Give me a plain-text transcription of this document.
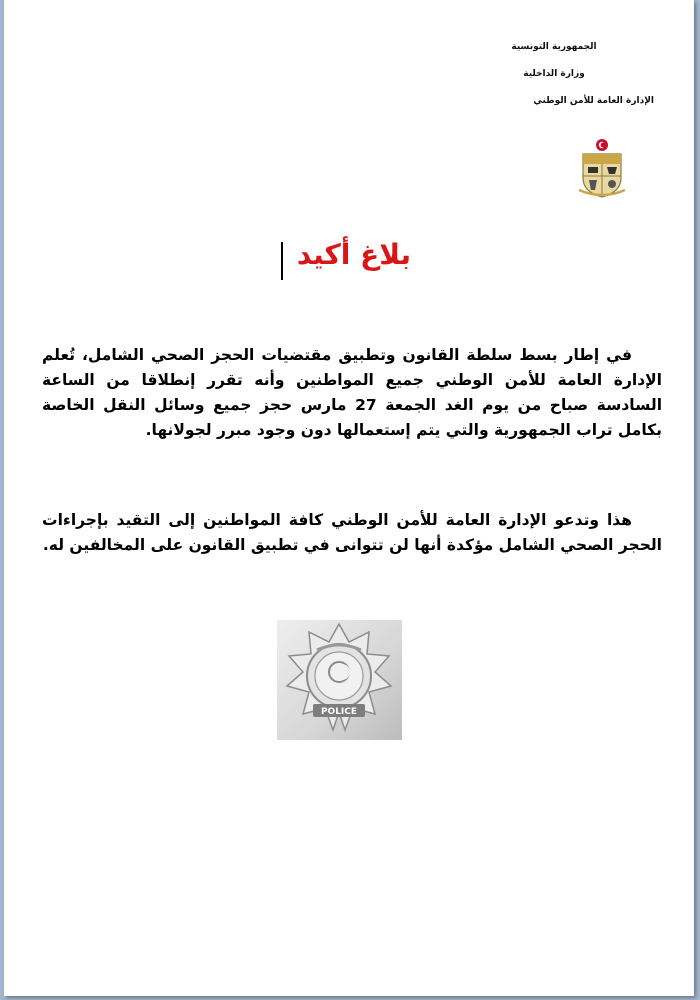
الجمهورية التونسية
وزارة الداخلية
الإدارة العامة للأمن الوطني
بلاغ أكيد
في إطار بسط سلطة القانون وتطبيق مقتضيات الحجز الصحي الشامل، تُعلم الإدارة العامة للأمن الوطني جميع المواطنين وأنه تقرر إنطلاقا من الساعة السادسة صباح من يوم الغد الجمعة 27 مارس حجز جميع وسائل النقل الخاصة بكامل تراب الجمهورية والتي يتم إستعمالها دون وجود مبرر لجولانها.
هذا وتدعو الإدارة العامة للأمن الوطني كافة المواطنين إلى التقيد بإجراءات الحجر الصحي الشامل مؤكدة أنها لن تتوانى في تطبيق القانون على المخالفين له.
POLICE
